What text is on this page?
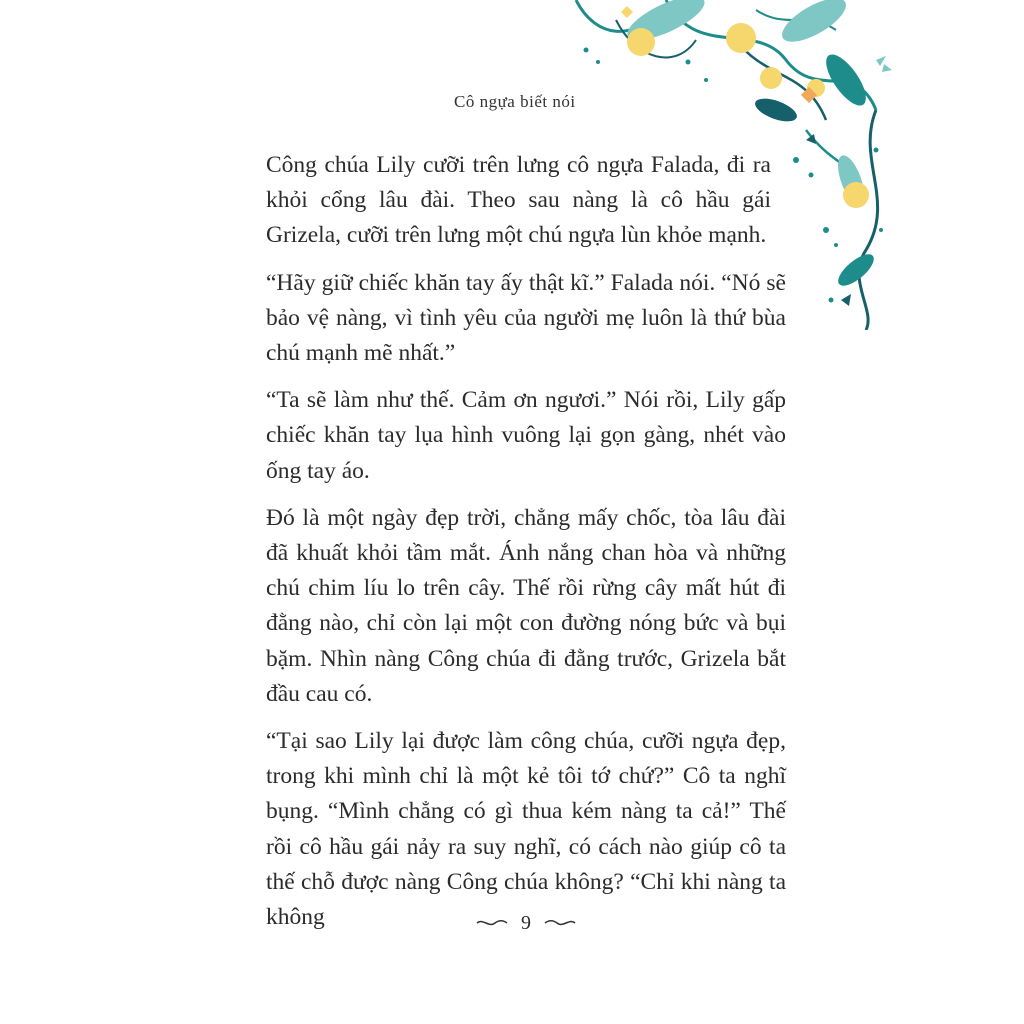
Cô ngựa biết nói

Công chúa Lily cưỡi trên lưng cô ngựa Falada, đi ra khỏi cổng lâu đài. Theo sau nàng là cô hầu gái Grizela, cưỡi trên lưng một chú ngựa lùn khỏe mạnh.

“Hãy giữ chiếc khăn tay ấy thật kĩ.” Falada nói. “Nó sẽ bảo vệ nàng, vì tình yêu của người mẹ luôn là thứ bùa chú mạnh mẽ nhất.”

“Ta sẽ làm như thế. Cảm ơn ngươi.” Nói rồi, Lily gấp chiếc khăn tay lụa hình vuông lại gọn gàng, nhét vào ống tay áo.

Đó là một ngày đẹp trời, chẳng mấy chốc, tòa lâu đài đã khuất khỏi tầm mắt. Ánh nắng chan hòa và những chú chim líu lo trên cây. Thế rồi rừng cây mất hút đi đằng nào, chỉ còn lại một con đường nóng bức và bụi bặm. Nhìn nàng Công chúa đi đằng trước, Grizela bắt đầu cau có.

“Tại sao Lily lại được làm công chúa, cưỡi ngựa đẹp, trong khi mình chỉ là một kẻ tôi tớ chứ?” Cô ta nghĩ bụng. “Mình chẳng có gì thua kém nàng ta cả!” Thế rồi cô hầu gái nảy ra suy nghĩ, có cách nào giúp cô ta thế chỗ được nàng Công chúa không? “Chỉ khi nàng ta không	9
